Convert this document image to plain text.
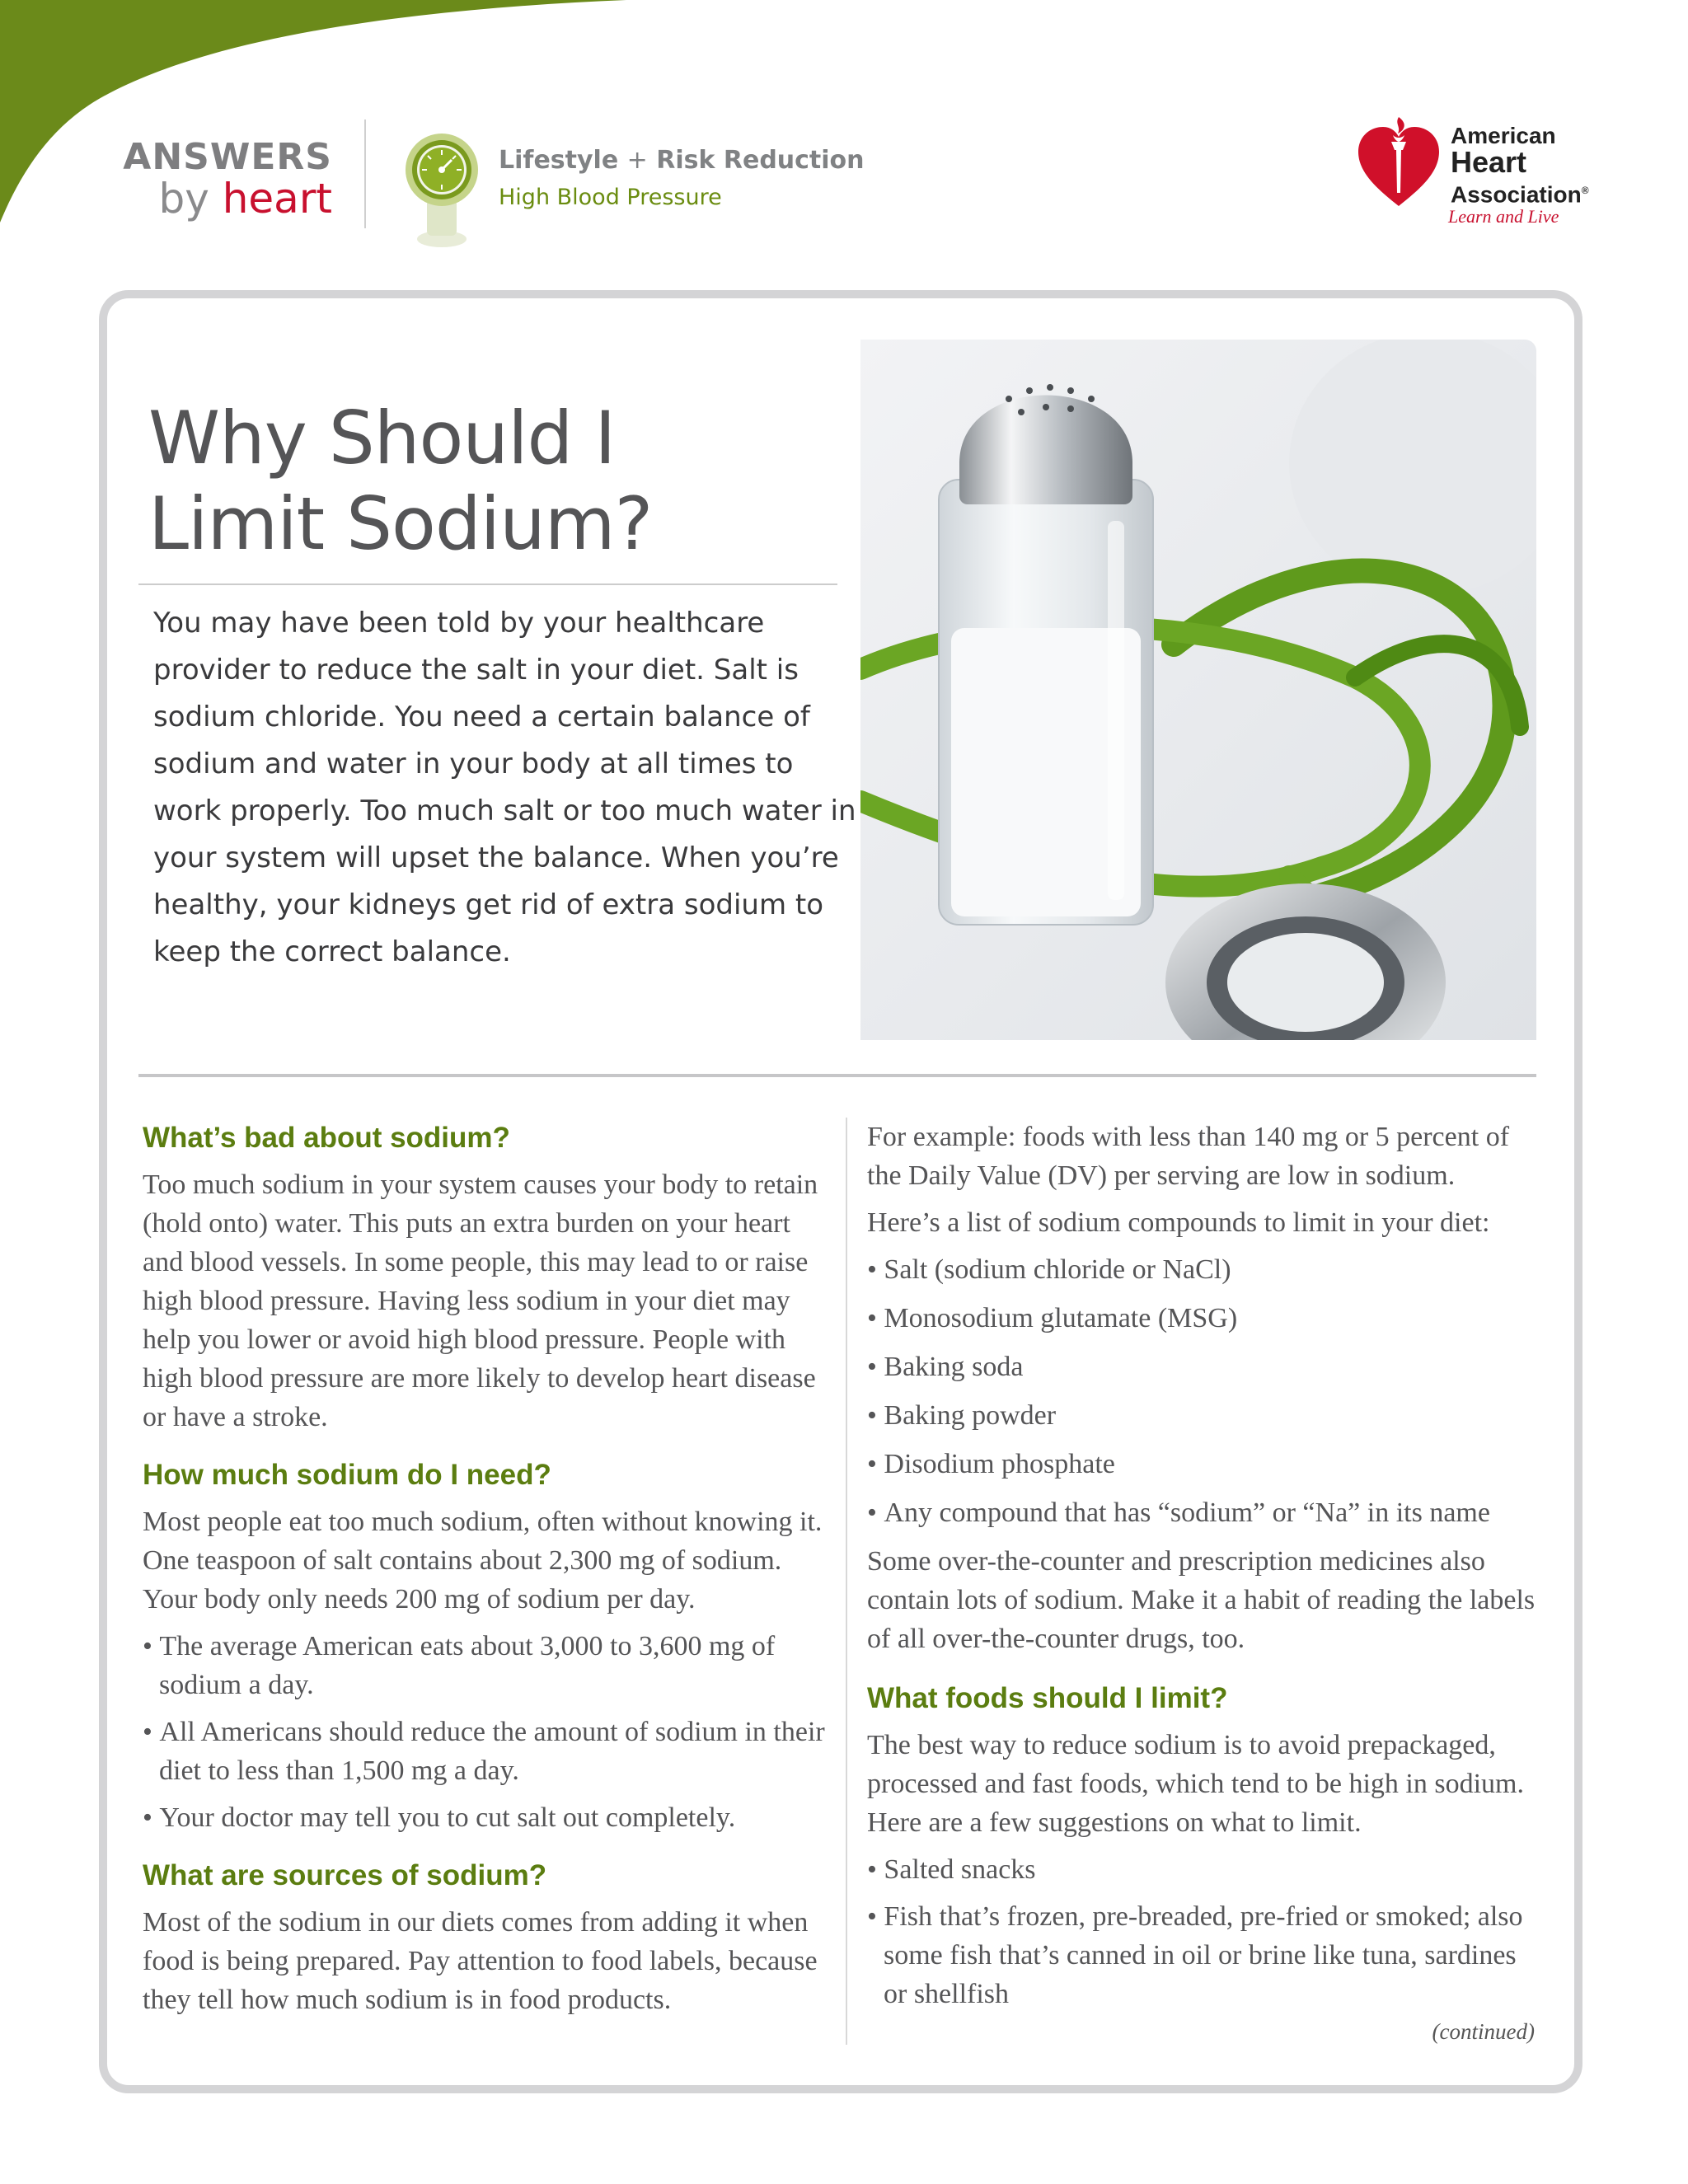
ANSWERS
by heart
Lifestyle + Risk Reduction
High Blood Pressure
American
Heart
Association®
Learn and Live
Why Should I
Limit Sodium?

You may have been told by your healthcare provider to reduce the salt in your diet. Salt is sodium chloride. You need a certain balance of sodium and water in your body at all times to work properly. Too much salt or too much water in your system will upset the balance. When you’re healthy, your kidneys get rid of extra sodium to keep the correct balance.

What’s bad about sodium?

Too much sodium in your system causes your body to retain (hold onto) water. This puts an extra burden on your heart and blood vessels. In some people, this may lead to or raise high blood pressure. Having less sodium in your diet may help you lower or avoid high blood pressure. People with high blood pressure are more likely to develop heart disease or have a stroke.

How much sodium do I need?

Most people eat too much sodium, often without knowing it. One teaspoon of salt contains about 2,300 mg of sodium. Your body only needs 200 mg of sodium per day.

• The average American eats about 3,000 to 3,600 mg of sodium a day.
• All Americans should reduce the amount of sodium in their diet to less than 1,500 mg a day.
• Your doctor may tell you to cut salt out completely.
What are sources of sodium?

Most of the sodium in our diets comes from adding it when food is being prepared. Pay attention to food labels, because they tell how much sodium is in food products.

For example: foods with less than 140 mg or 5 percent of the Daily Value (DV) per serving are low in sodium.

Here’s a list of sodium compounds to limit in your diet:

• Salt (sodium chloride or NaCl)
• Monosodium glutamate (MSG)
• Baking soda
• Baking powder
• Disodium phosphate
• Any compound that has “sodium” or “Na” in its name

Some over-the-counter and prescription medicines also contain lots of sodium. Make it a habit of reading the labels of all over-the-counter drugs, too.

What foods should I limit?

The best way to reduce sodium is to avoid prepackaged, processed and fast foods, which tend to be high in sodium. Here are a few suggestions on what to limit.

• Salted snacks
• Fish that’s frozen, pre-breaded, pre-fried or smoked; also some fish that’s canned in oil or brine like tuna, sardines or shellfish
(continued)
